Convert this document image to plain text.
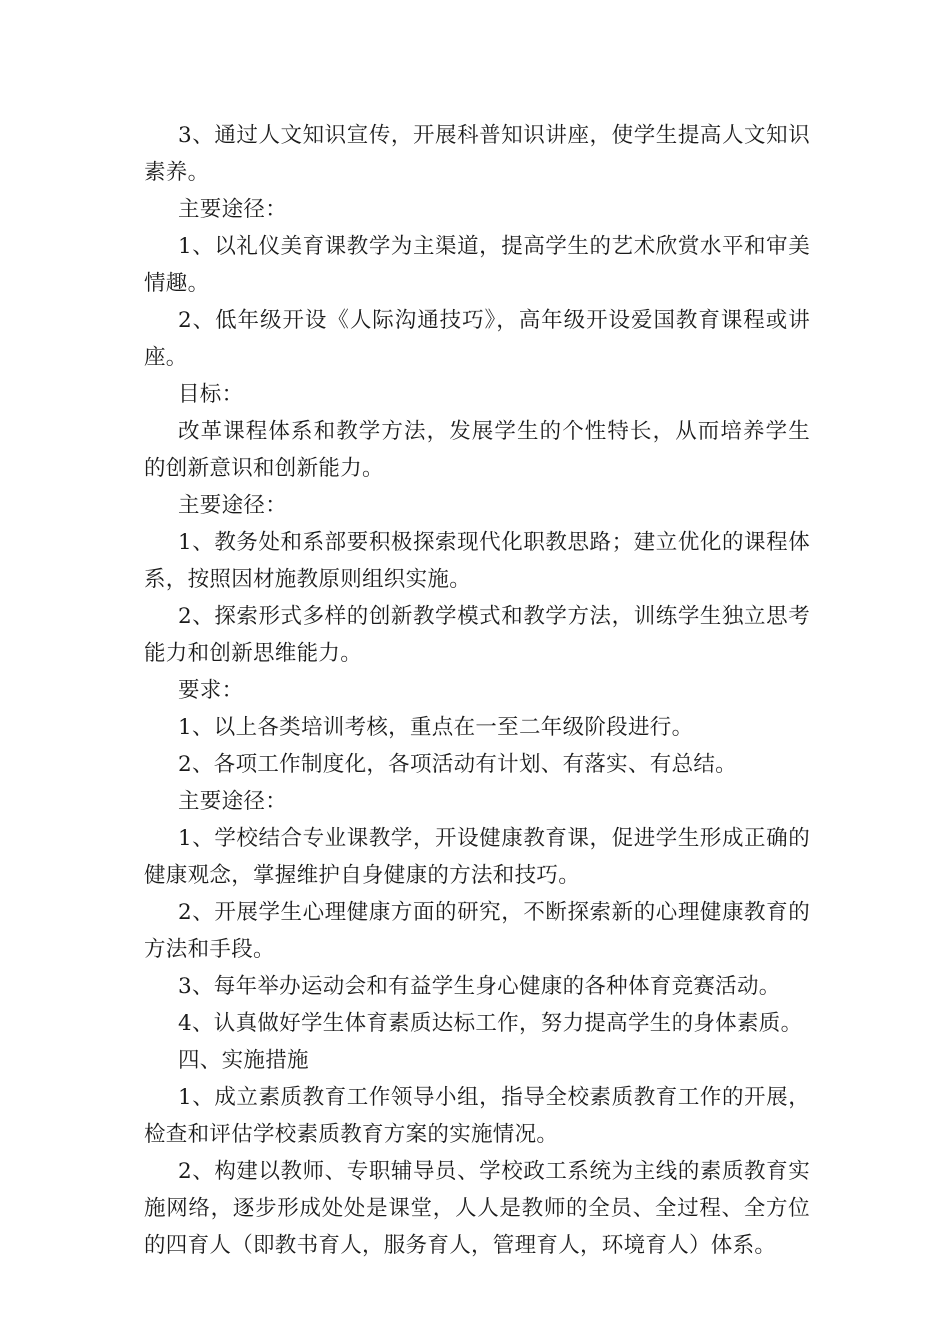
3、通过人文知识宣传，开展科普知识讲座，使学生提高人文知识素养。

主要途径：

1、以礼仪美育课教学为主渠道，提高学生的艺术欣赏水平和审美情趣。

2、低年级开设《人际沟通技巧》，高年级开设爱国教育课程或讲座。

目标：

改革课程体系和教学方法，发展学生的个性特长，从而培养学生的创新意识和创新能力。

主要途径：

1、教务处和系部要积极探索现代化职教思路；建立优化的课程体系，按照因材施教原则组织实施。

2、探索形式多样的创新教学模式和教学方法，训练学生独立思考能力和创新思维能力。

要求：

1、以上各类培训考核，重点在一至二年级阶段进行。

2、各项工作制度化，各项活动有计划、有落实、有总结。

主要途径：

1、学校结合专业课教学，开设健康教育课，促进学生形成正确的健康观念，掌握维护自身健康的方法和技巧。

2、开展学生心理健康方面的研究，不断探索新的心理健康教育的方法和手段。

3、每年举办运动会和有益学生身心健康的各种体育竞赛活动。

4、认真做好学生体育素质达标工作，努力提高学生的身体素质。

四、实施措施

1、成立素质教育工作领导小组，指导全校素质教育工作的开展，检查和评估学校素质教育方案的实施情况。

2、构建以教师、专职辅导员、学校政工系统为主线的素质教育实施网络，逐步形成处处是课堂，人人是教师的全员、全过程、全方位的四育人（即教书育人，服务育人，管理育人，环境育人）体系。
